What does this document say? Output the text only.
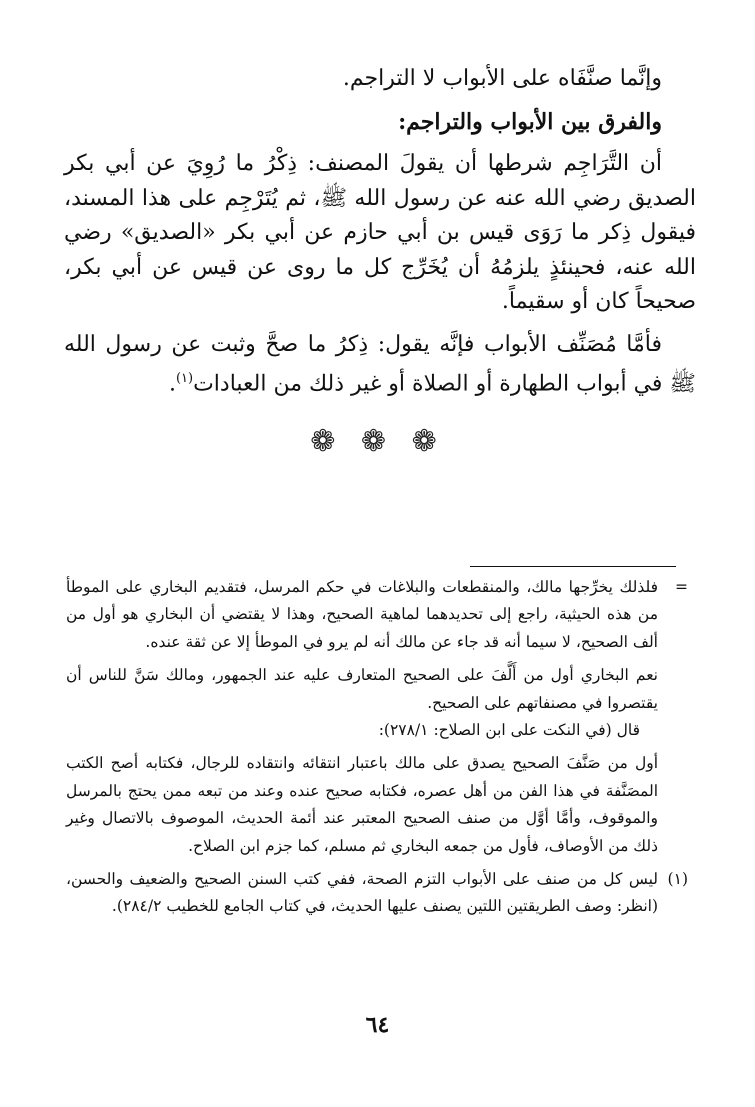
وإنَّما صنَّفَاه على الأبواب لا التراجم.

والفرق بين الأبواب والتراجم:

أن التَّرَاجِم شرطها أن يقولَ المصنف: ذِكْرُ ما رُوِيَ عن أبي بكر الصديق رضي الله عنه عن رسول الله ﷺ، ثم يُتَرْجِم على هذا المسند، فيقول ذِكر ما رَوَى قيس بن أبي حازم عن أبي بكر «الصديق» رضي الله عنه، فحينئذٍ يلزمُهُ أن يُخَرِّج كل ما روى عن قيس عن أبي بكر، صحيحاً كان أو سقيماً.

فأمَّا مُصَنِّف الأبواب فإنَّه يقول: ذِكرُ ما صحَّ وثبت عن رسول الله ﷺ في أبواب الطهارة أو الصلاة أو غير ذلك من العبادات$^{(١)}$.

❁ ❁ ❁

=
فلذلك يخرِّجها مالك، والمنقطعات والبلاغات في حكم المرسل، فتقديم البخاري على الموطأ من هذه الحيثية، راجع إلى تحديدهما لماهية الصحيح، وهذا لا يقتضي أن البخاري هو أول من ألف الصحيح، لا سيما أنه قد جاء عن مالك أنه لم يرو في الموطأ إلا عن ثقة عنده.

نعم البخاري أول من أَلَّفَ على الصحيح المتعارف عليه عند الجمهور، ومالك سَنَّ للناس أن يقتصروا في مصنفاتهم على الصحيح.

قال (في النكت على ابن الصلاح: ٢٧٨/١):

أول من صَنَّفَ الصحيح يصدق على مالك باعتبار انتقائه وانتقاده للرجال، فكتابه أصح الكتب المصَنَّفة في هذا الفن من أهل عصره، فكتابه صحيح عنده وعند من تبعه ممن يحتج بالمرسل والموقوف، وأمَّا أوَّل من صنف الصحيح المعتبر عند أئمة الحديث، الموصوف بالاتصال وغير ذلك من الأوصاف، فأول من جمعه البخاري ثم مسلم، كما جزم ابن الصلاح.

(١)
ليس كل من صنف على الأبواب التزم الصحة، ففي كتب السنن الصحيح والضعيف والحسن، (انظر: وصف الطريقتين اللتين يصنف عليها الحديث، في كتاب الجامع للخطيب ٢٨٤/٢).

٦٤
